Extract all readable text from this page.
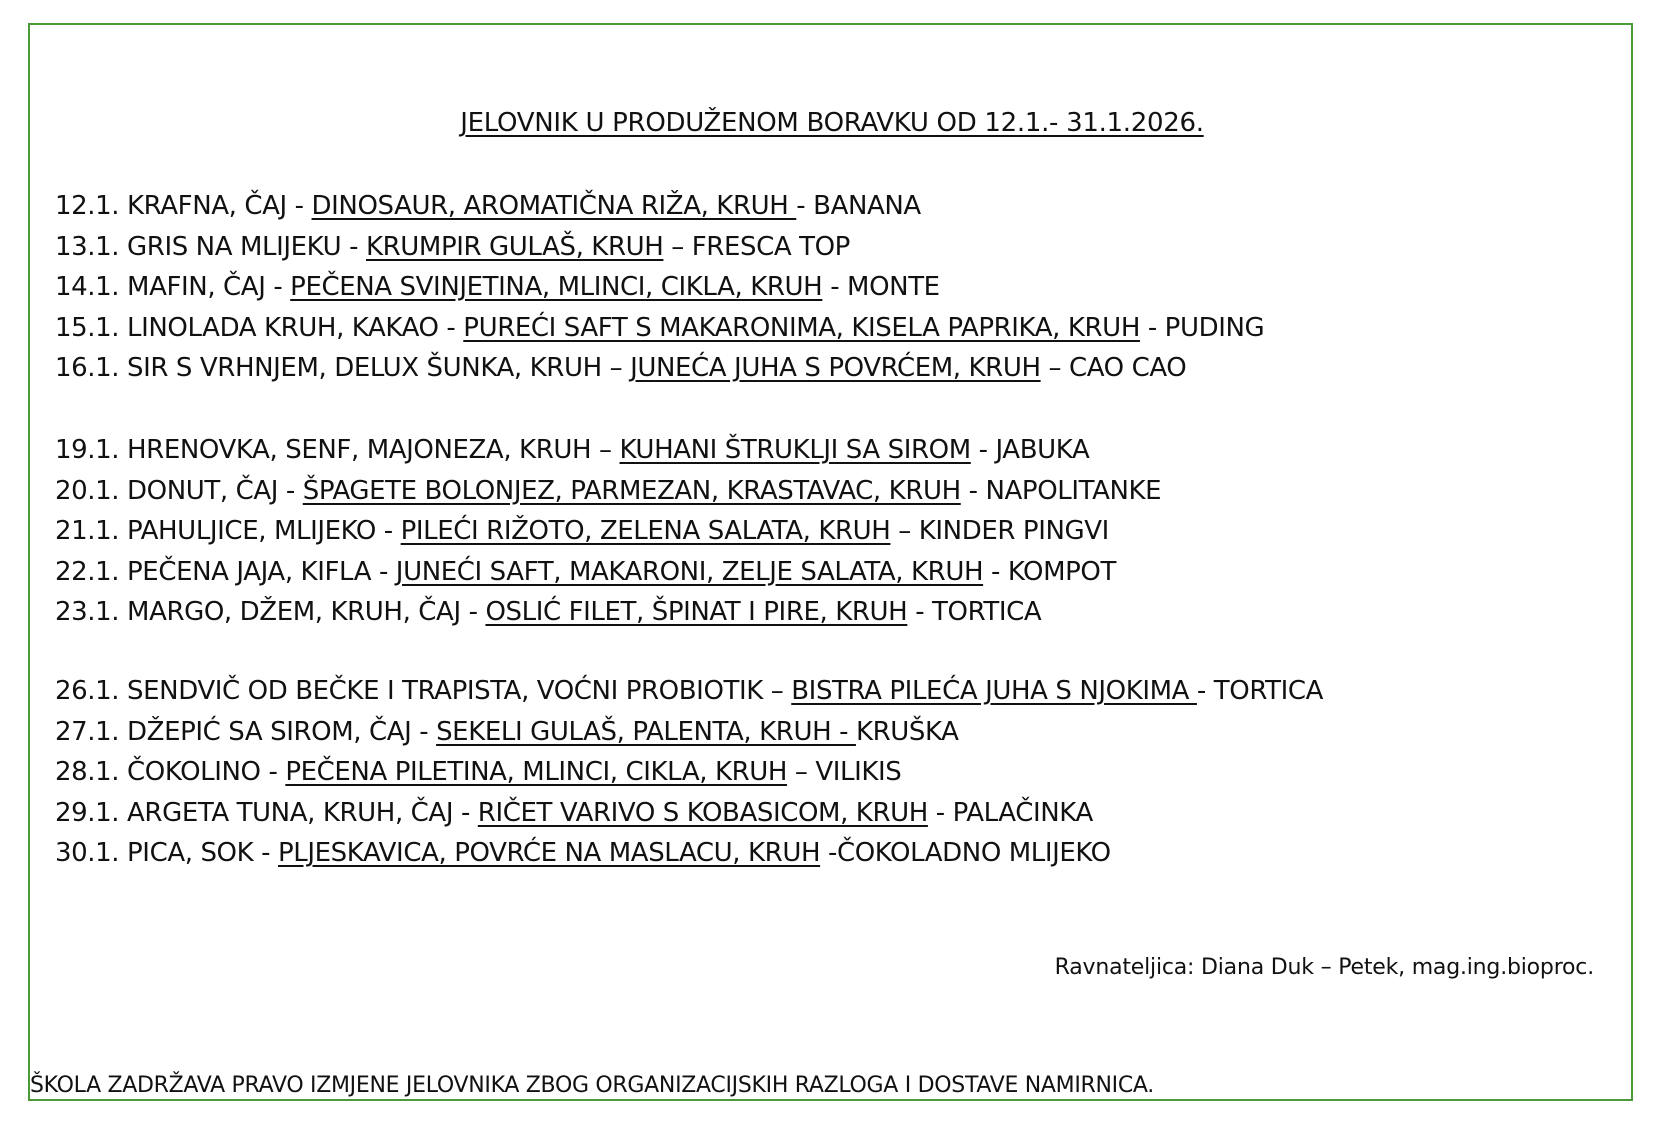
JELOVNIK U PRODUŽENOM BORAVKU OD 12.1.- 31.1.2026.
12.1. KRAFNA, ČAJ - DINOSAUR, AROMATIČNA RIŽA, KRUH - BANANA
13.1. GRIS NA MLIJEKU - KRUMPIR GULAŠ, KRUH – FRESCA TOP
14.1. MAFIN, ČAJ - PEČENA SVINJETINA, MLINCI, CIKLA, KRUH - MONTE
15.1. LINOLADA KRUH, KAKAO - PUREĆI SAFT S MAKARONIMA, KISELA PAPRIKA, KRUH - PUDING
16.1. SIR S VRHNJEM, DELUX ŠUNKA, KRUH – JUNEĆA JUHA S POVRĆEM, KRUH – CAO CAO
19.1. HRENOVKA, SENF, MAJONEZA, KRUH – KUHANI ŠTRUKLJI SA SIROM - JABUKA
20.1. DONUT, ČAJ - ŠPAGETE BOLONJEZ, PARMEZAN, KRASTAVAC, KRUH - NAPOLITANKE
21.1. PAHULJICE, MLIJEKO - PILEĆI RIŽOTO, ZELENA SALATA, KRUH – KINDER PINGVI
22.1. PEČENA JAJA, KIFLA - JUNEĆI SAFT, MAKARONI, ZELJE SALATA, KRUH - KOMPOT
23.1. MARGO, DŽEM, KRUH, ČAJ - OSLIĆ FILET, ŠPINAT I PIRE, KRUH - TORTICA
26.1. SENDVIČ OD BEČKE I TRAPISTA, VOĆNI PROBIOTIK – BISTRA PILEĆA JUHA S NJOKIMA - TORTICA
27.1. DŽEPIĆ SA SIROM, ČAJ - SEKELI GULAŠ, PALENTA, KRUH - KRUŠKA
28.1. ČOKOLINO - PEČENA PILETINA, MLINCI, CIKLA, KRUH – VILIKIS
29.1. ARGETA TUNA, KRUH, ČAJ - RIČET VARIVO S KOBASICOM, KRUH - PALAČINKA
30.1. PICA, SOK - PLJESKAVICA, POVRĆE NA MASLACU, KRUH -ČOKOLADNO MLIJEKO
Ravnateljica: Diana Duk – Petek, mag.ing.bioproc.
ŠKOLA ZADRŽAVA PRAVO IZMJENE JELOVNIKA ZBOG ORGANIZACIJSKIH RAZLOGA I DOSTAVE NAMIRNICA.
